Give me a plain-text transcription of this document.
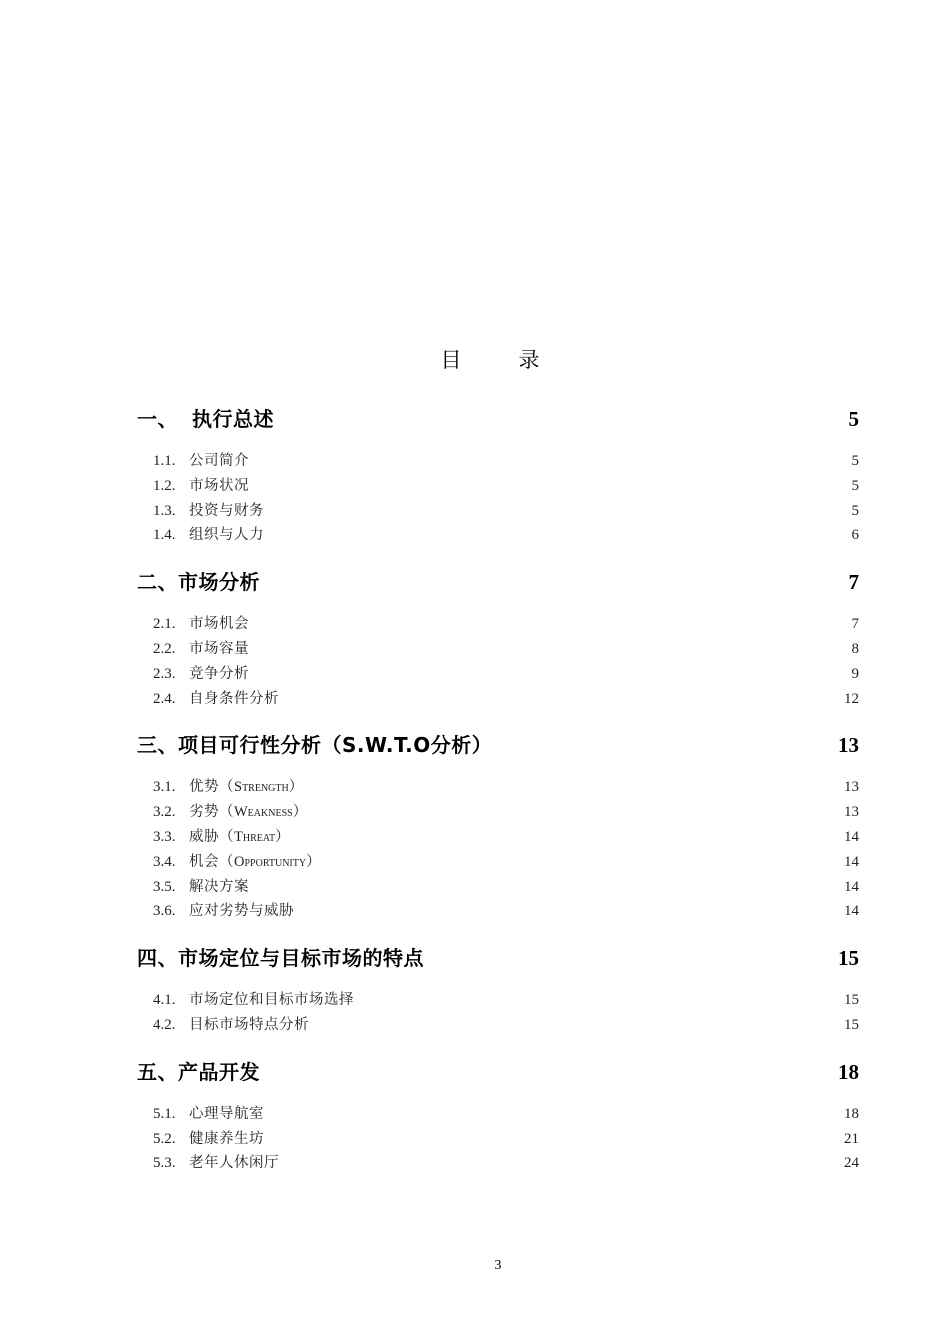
目　录
一、 执行总述	5
1.1. 公司简介	5
1.2. 市场状况	5
1.3. 投资与财务	5
1.4. 组织与人力	6
二、市场分析	7
2.1. 市场机会	7
2.2. 市场容量	8
2.3. 竞争分析	9
2.4. 自身条件分析	12
三、项目可行性分析（S.W.T.O分析）	13
3.1. 优势（Strength）	13
3.2. 劣势（Weakness）	13
3.3. 威胁（Threat）	14
3.4. 机会（Opportunity）	14
3.5. 解决方案	14
3.6. 应对劣势与威胁	14
四、市场定位与目标市场的特点	15
4.1. 市场定位和目标市场选择	15
4.2. 目标市场特点分析	15
五、产品开发	18
5.1. 心理导航室	18
5.2. 健康养生坊	21
5.3. 老年人休闲厅	24
3
